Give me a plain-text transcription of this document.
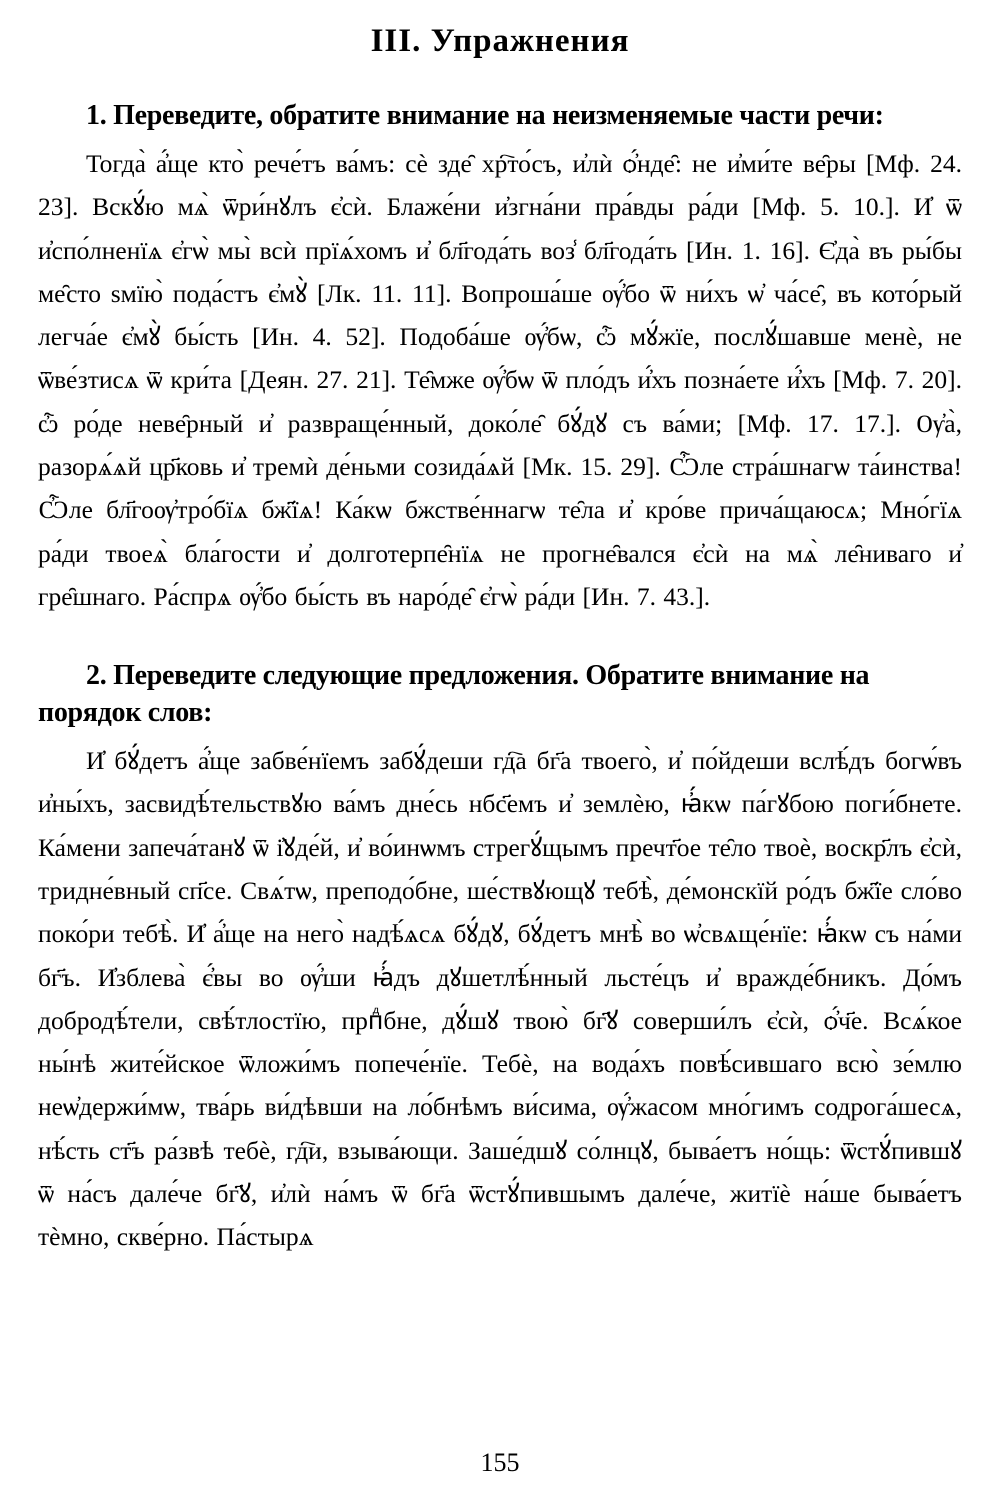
III. Упражнения

1. Переведите, обратите внимание на неизменяемые части речи:

Тогда̀ а҆́ще кто̀ рече́тъ ва́мъ: сѐ зде̑ хр҇то́съ, и҆лѝ ѻ҆́нде̑: не и҆ми́те ве̑ры [Мф. 24. 23]. Вскꙋ́ю мѧ̀ ѿри́нꙋлъ є҆сѝ. Блаже́ни и҆згна́ни пра́вды ра́ди [Мф. 5. 10.]. И҆ ѿ и҆спо́лненїѧ є҆гѡ̀ мы̀ всѝ прїѧ́хомъ и҆ бл҃года́ть воз̾ бл҃года́ть [Ин. 1. 16]. Є҆да̀ въ ры́бы ме̑сто ѕмїю̀ пода́стъ є҆мꙋ̀ [Лк. 11. 11]. Вопроша́ше ѹ҆́бо ѿ ни́хъ ѡ҆ ча́се̑, въ кото́рый легча́е є҆мꙋ̀ бы́сть [Ин. 4. 52]. Подоба́ше ѹ҆́бѡ, ѽ мꙋ́жїе, послꙋ́шавше менѐ, не ѿве́зтисѧ ѿ кри́та [Деян. 27. 21]. Те̑мже ѹ҆́бѡ ѿ пло́дъ и҆́хъ позна́ете и҆́хъ [Мф. 7. 20]. ѽ ро́де неве̑рный и҆ развраще́нный, доко́ле̑ бꙋ́дꙋ съ ва́ми; [Мф. 17. 17.]. Ѹ҆а̀, разорѧ́ѧй цр҃ковь и҆ тремѝ де́ньми созида́ѧй [Мк. 15. 29]. Ѽле стра́шнагѡ та́инства! Ѽле бл҃гоѹ҆тро́бїѧ бж҃їѧ! Ка́кѡ бжстве́ннагѡ те̑ла и҆ кро́ве прича́щаюсѧ; Мно́гїѧ ра́ди твоеѧ̀ бла́гости и҆ долготерпе̑нїѧ не прогне̑вался є҆сѝ на мѧ̀ ле̑ниваго и҆ гре̑шнаго. Ра́спрѧ ѹ҆́бо бы́сть въ наро́де̑ є҆гѡ̀ ра́ди [Ин. 7. 43.].

2. Переведите следующие предложения. Обратите внимание на порядок слов:

И҆ бꙋ́детъ а҆́ще забве́нїемъ забꙋ́деши гд҇а бг҃а твоего̀, и҆ по́йдеши вслѣ́дъ богѡ́въ и҆ны́хъ, засвидѣ́тельствꙋю ва́мъ дне́сь нбс҃емъ и҆ землѐю, ꙗ҆́кѡ па́гꙋбою поги́бнете. Ка́мени запеча́танꙋ ѿ і҆ꙋде́й, и҆ во́инѡмъ стрегꙋ́щымъ пречт҃ое те̑ло твоѐ, воскр҃лъ є҆сѝ, тридне́вный сп҃се. Свѧ́тѡ, преподо́бне, ше́ствꙋющꙋ тебѣ̀, де́монскїй ро́дъ бж҃їе сло́во поко́ри тебѣ̀. И҆ а҆́ще на него̀ надѣ́ѧсѧ бꙋ́дꙋ, бꙋ́детъ мнѣ̀ во ѡ҆свѧще́нїе: ꙗ҆́кѡ съ на́ми бг҃ъ. И҆зблева̀ є҆́вы во ѹ҆́ши ꙗ҆́дъ дꙋшетлѣ́нный льсте́цъ и҆ вражде́бникъ. До́мъ добродѣ́тели, свѣ́тлостїю, прпⷣбне, дꙋ́шꙋ твою̀ бг҃ꙋ соверши́лъ є҆сѝ, ѻ҆́ч҃е. Всѧ́кое ны́нѣ жите́йское ѿложи́мъ попече́нїе. Тебѐ, на вода́хъ повѣ́сившаго всю̀ зе́млю неѡ҆держи́мѡ, тва́рь ви́дѣвши на ло́бнѣмъ ви́сима, ѹ҆́жасом мно́гимъ содрога́шесѧ, нѣ́сть ст҃ъ ра́звѣ тебѐ, гд҇и, взыва́ющи. Заше́дшꙋ со́лнцꙋ, быва́етъ но́щь: ѿстꙋ́пившꙋ ѿ на́съ дале́че бг҃ꙋ, и҆лѝ на́мъ ѿ бг҃а ѿстꙋ́пившымъ дале́че, житїѐ на́ше быва́етъ тѐмно, скве́рно. Па́стырѧ

155
